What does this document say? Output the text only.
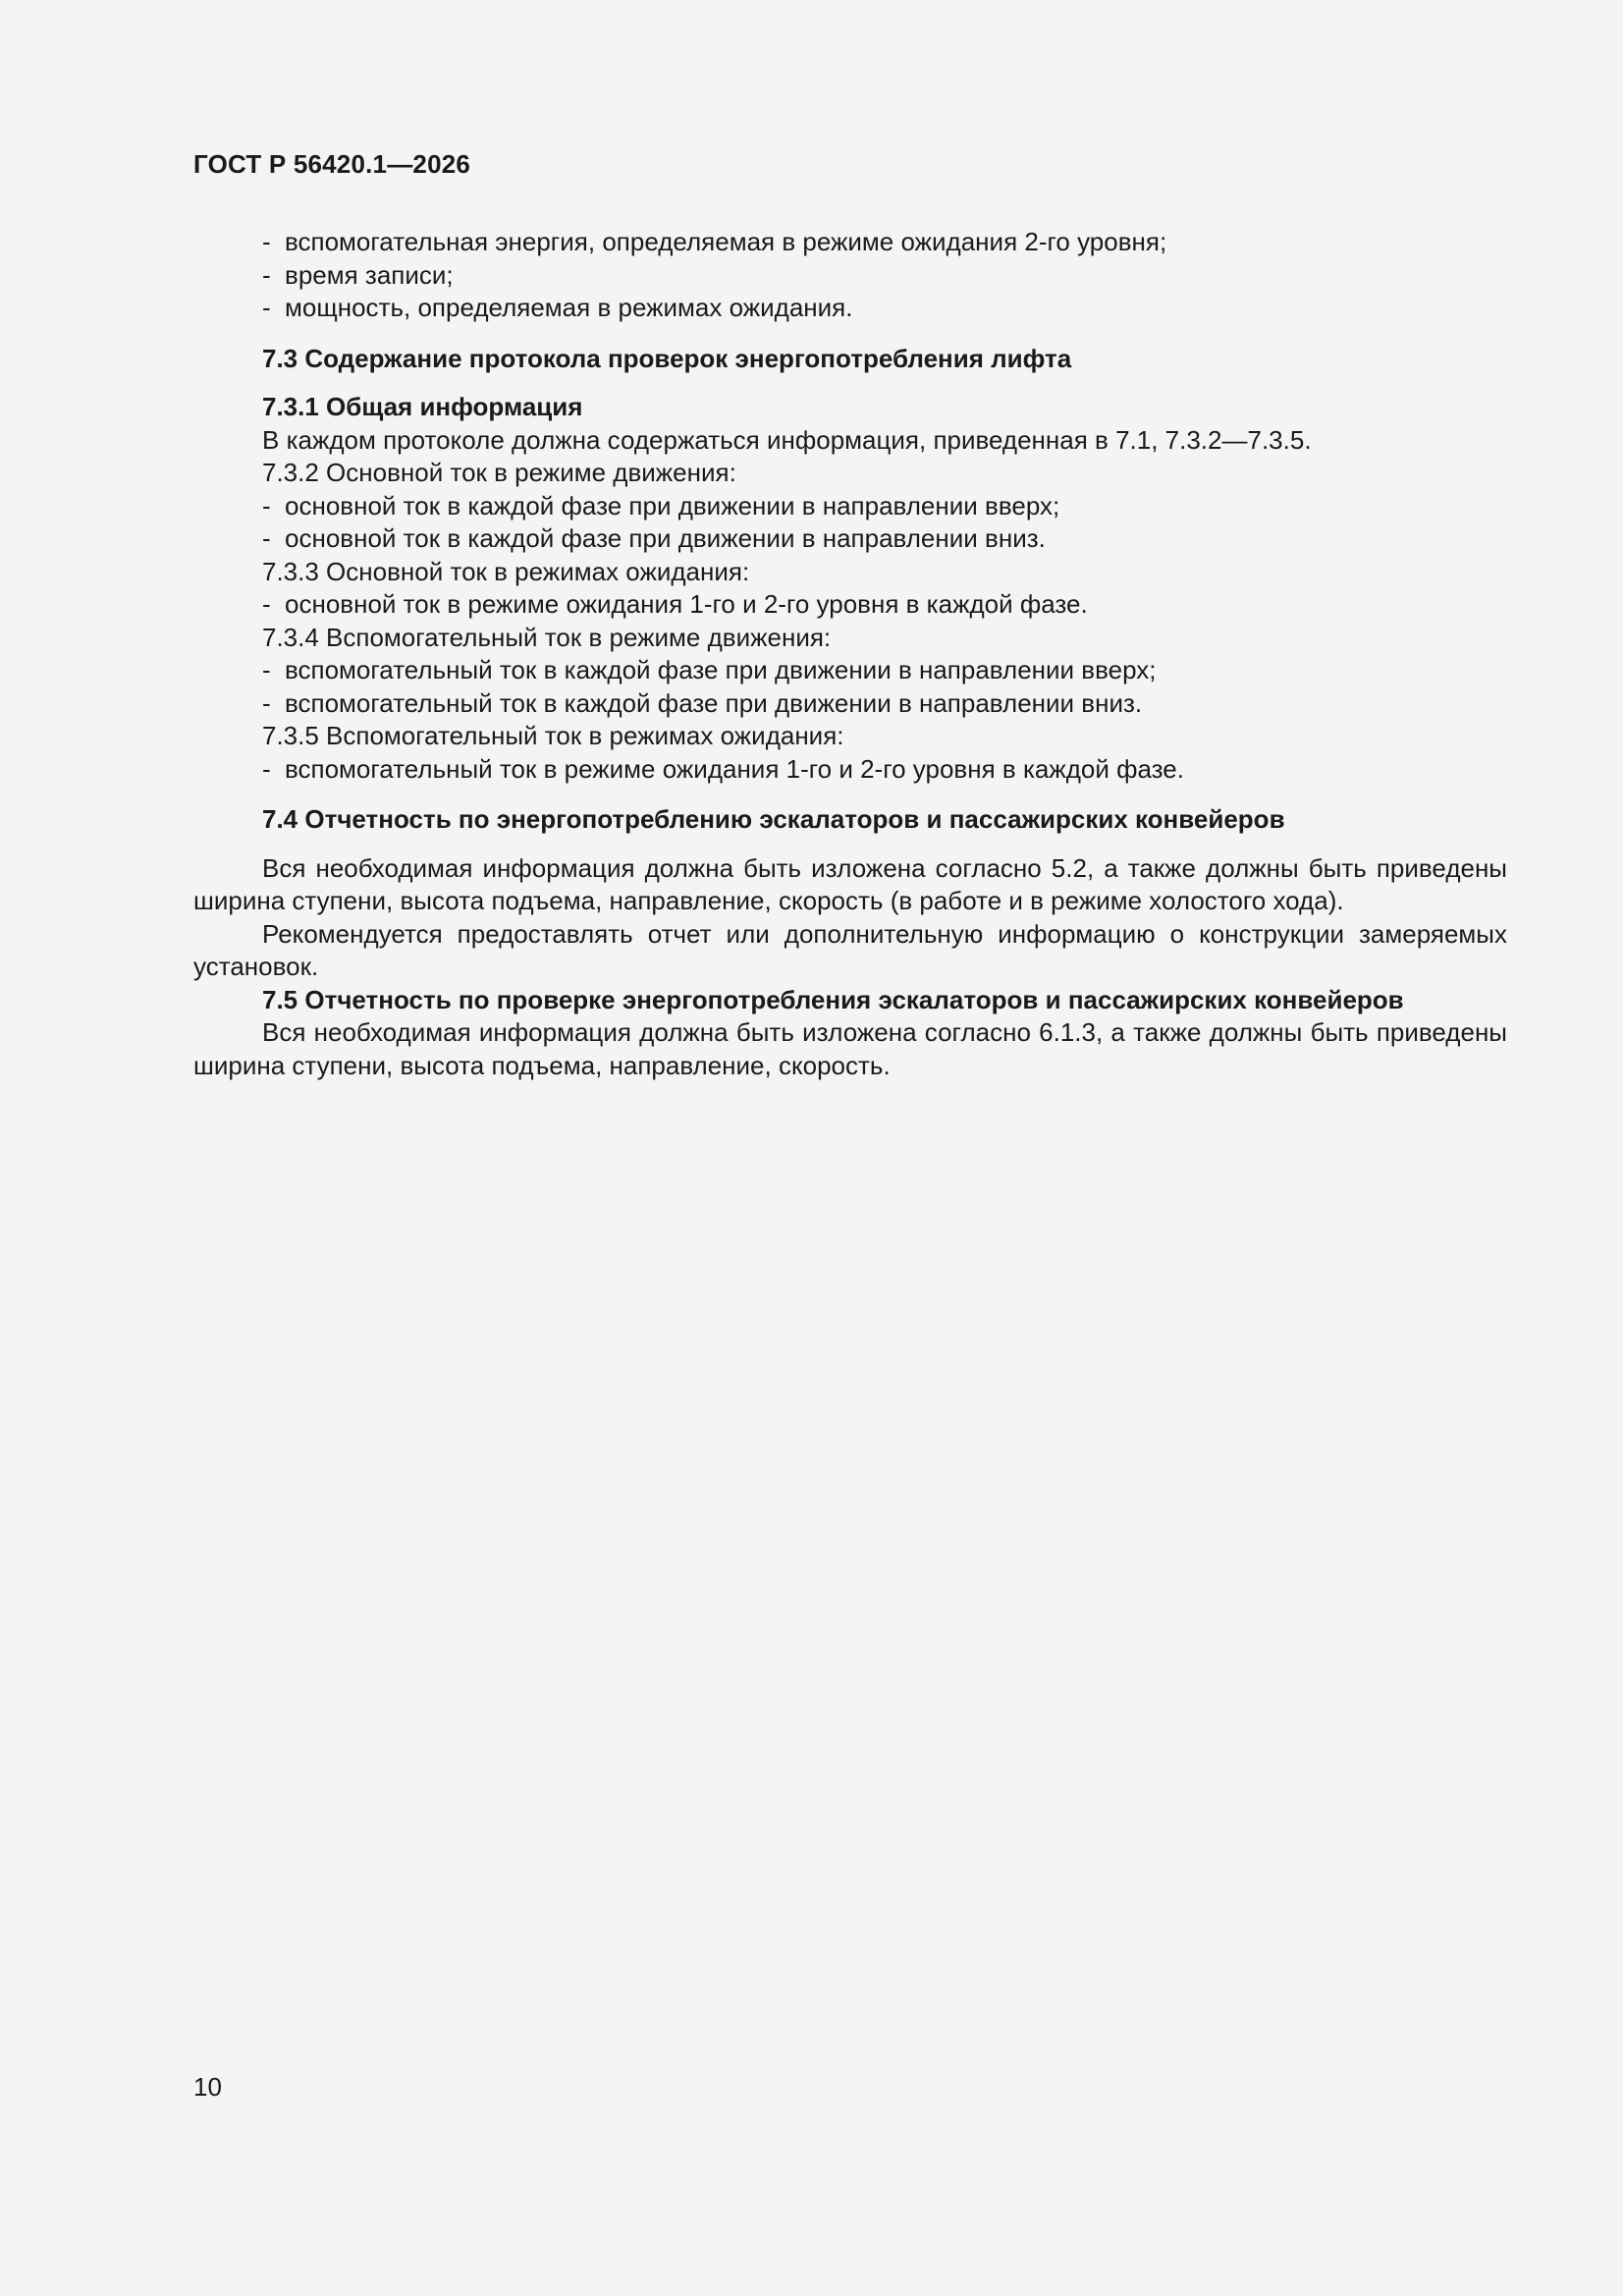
ГОСТ Р 56420.1—2026
- вспомогательная энергия, определяемая в режиме ожидания 2-го уровня;
- время записи;
- мощность, определяемая в режимах ожидания.
7.3 Содержание протокола проверок энергопотребления лифта
7.3.1 Общая информация
В каждом протоколе должна содержаться информация, приведенная в 7.1, 7.3.2—7.3.5.
7.3.2 Основной ток в режиме движения:
- основной ток в каждой фазе при движении в направлении вверх;
- основной ток в каждой фазе при движении в направлении вниз.
7.3.3 Основной ток в режимах ожидания:
- основной ток в режиме ожидания 1-го и 2-го уровня в каждой фазе.
7.3.4 Вспомогательный ток в режиме движения:
- вспомогательный ток в каждой фазе при движении в направлении вверх;
- вспомогательный ток в каждой фазе при движении в направлении вниз.
7.3.5 Вспомогательный ток в режимах ожидания:
- вспомогательный ток в режиме ожидания 1-го и 2-го уровня в каждой фазе.
7.4 Отчетность по энергопотреблению эскалаторов и пассажирских конвейеров
Вся необходимая информация должна быть изложена согласно 5.2, а также должны быть приведены ширина ступени, высота подъема, направление, скорость (в работе и в режиме холостого хода).
Рекомендуется предоставлять отчет или дополнительную информацию о конструкции замеряемых установок.
7.5 Отчетность по проверке энергопотребления эскалаторов и пассажирских конвейеров
Вся необходимая информация должна быть изложена согласно 6.1.3, а также должны быть приведены ширина ступени, высота подъема, направление, скорость.
10
